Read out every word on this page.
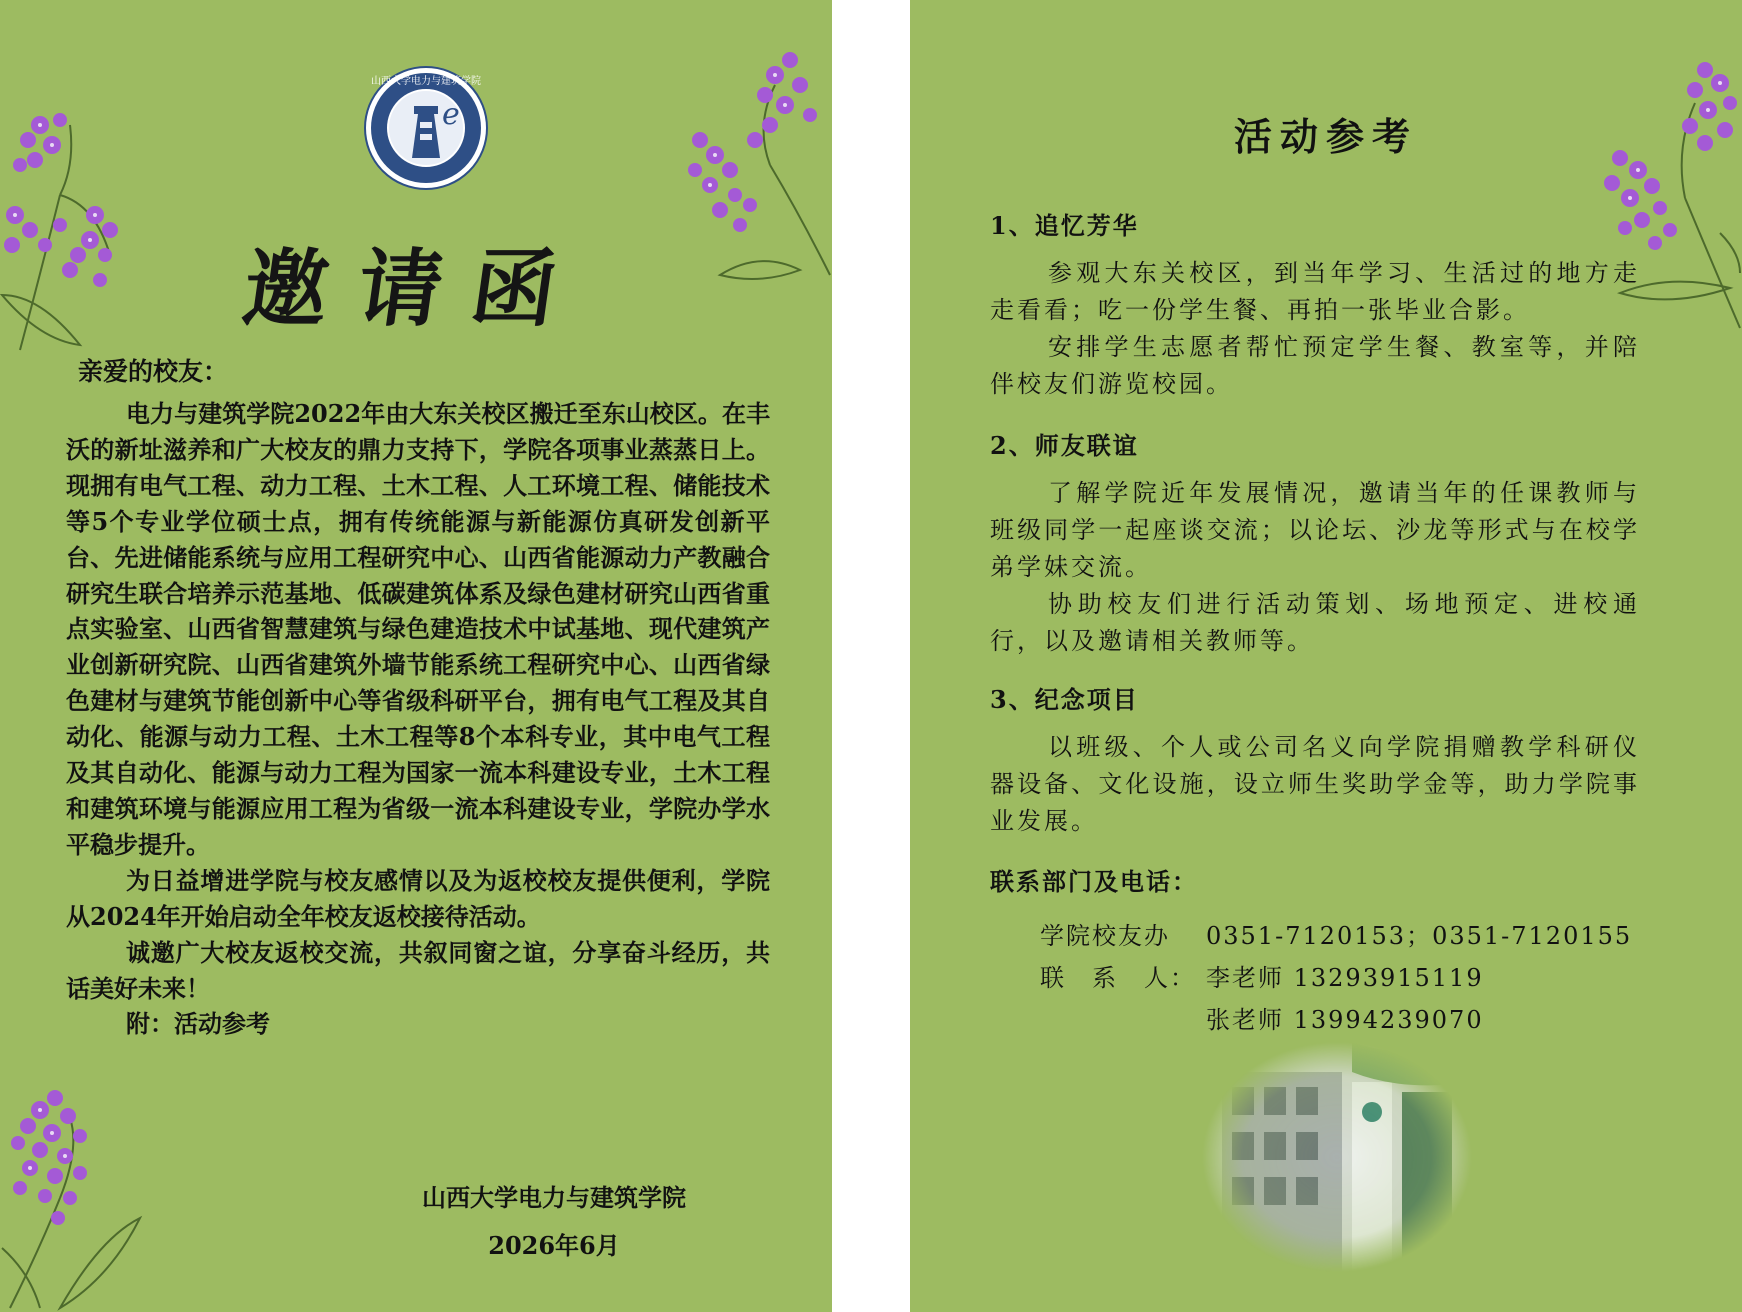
e
山西大学电力与建筑学院
邀请函
亲爱的校友：

电力与建筑学院2022年由大东关校区搬迁至东山校区。在丰沃的新址滋养和广大校友的鼎力支持下，学院各项事业蒸蒸日上。现拥有电气工程、动力工程、土木工程、人工环境工程、储能技术等5个专业学位硕士点，拥有传统能源与新能源仿真研发创新平台、先进储能系统与应用工程研究中心、山西省能源动力产教融合研究生联合培养示范基地、低碳建筑体系及绿色建材研究山西省重点实验室、山西省智慧建筑与绿色建造技术中试基地、现代建筑产业创新研究院、山西省建筑外墙节能系统工程研究中心、山西省绿色建材与建筑节能创新中心等省级科研平台，拥有电气工程及其自动化、能源与动力工程、土木工程等8个本科专业，其中电气工程及其自动化、能源与动力工程为国家一流本科建设专业，土木工程和建筑环境与能源应用工程为省级一流本科建设专业，学院办学水平稳步提升。

为日益增进学院与校友感情以及为返校校友提供便利，学院从2024年开始启动全年校友返校接待活动。

诚邀广大校友返校交流，共叙同窗之谊，分享奋斗经历，共话美好未来！

附：活动参考

山西大学电力与建筑学院
2026年6月
活动参考
1、追忆芳华

参观大东关校区，到当年学习、生活过的地方走走看看；吃一份学生餐、再拍一张毕业合影。

安排学生志愿者帮忙预定学生餐、教室等，并陪伴校友们游览校园。

2、师友联谊

了解学院近年发展情况，邀请当年的任课教师与班级同学一起座谈交流；以论坛、沙龙等形式与在校学弟学妹交流。

协助校友们进行活动策划、场地预定、进校通行，以及邀请相关教师等。

3、纪念项目

以班级、个人或公司名义向学院捐赠教学科研仪器设备、文化设施，设立师生奖助学金等，助力学院事业发展。

联系部门及电话：
学院校友办 0351-7120153；0351-7120155
联　系　人： 李老师 13293915119
张老师 13994239070
